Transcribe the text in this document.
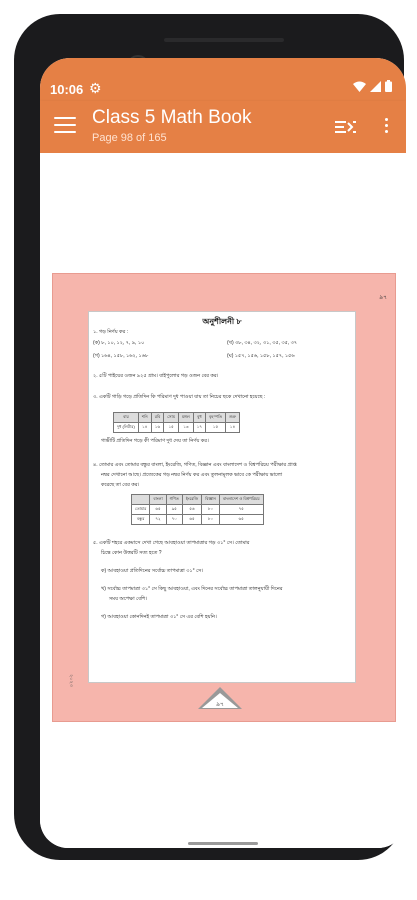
10:06 ⚙
Class 5 Math Book
Page 98 of 165
৯৭
২০২৩
অনুশীলনী ৮
১. গড় নির্ণয় কর :
(ক) ৮, ১০, ১২, ৭, ৯, ১০	(খ) ৩৮, ৩৪, ৩২, ৩১, ৩৫, ৩৫, ৩৭
(গ) ১৬৪, ১৫৮, ১৬২, ১৬৮	(ঘ) ১৫৭, ১৫৬, ১৫৮, ১৫৭, ১৫৬
২. ৫টি পাইয়ের ওজন ৯২৫ গ্রাম। বাইপুলোর গড় ওজন বের কর।
৩. একটি গাড়ি গড়ে প্রতিদিন কি পরিমাণ দুধ পাওয়া যায় তা নিচের ছকে দেখানো হয়েছে :
বার	শনি	রবি	সোম	মঙ্গল	বুধ	বৃহস্পতি	শুক্র
দুধ (লিটার)	১৪	১৬	১৫	১৩	১৭	১৫	১৪
গাভীটি প্রতিদিন গড়ে কী পরিমাণ দুধ দেয় তা নির্ণয় কর।
৪. তোমার এবং তোমার বন্ধুর বাংলা, ইংরেজি, গণিত, বিজ্ঞান এবং বাংলাদেশ ও বিশ্বপরিচয় পরীক্ষার প্রাপ্ত
নম্বর দেখানো আছে। প্রত্যেকের গড় নম্বর নির্ণয় কর এবং তুলনামূলক ভাবে কে পরীক্ষায় ভালো
করেছে তা বের কর।
	বাংলা	গণিত	ইংরেজি	বিজ্ঞান	বাংলাদেশ ও বিশ্বপরিচয়
তোমার	৬৫	৯৫	৫৬	৮০	৭৫
বন্ধুর	৭২	৭০	৬৫	৮০	৬৫
৫. একটি শহরে একমাসে দেখা গেছে আবহাওয়া তাপমাত্রার গড় ৩১° সে। তোমার
চিন্তে কোন উত্তরটি সত্য হতে ?
ক) আবহাওয়া প্রতিদিনের সর্বোচ্চ তাপমাত্রা ৩১° সে।
খ) সর্বোচ্চ তাপমাত্রা ৩১° সে কিছু আবহাওয়া, এবং দিনের সর্বোচ্চ তাপমাত্রা তালনুযায়ী দিনের
সময় অপেক্ষা বেশি।
গ) আবহাওয়া কোনদিনই তাপমাত্রা ৩১° সে এর বেশি হয়নি।
৯৭
